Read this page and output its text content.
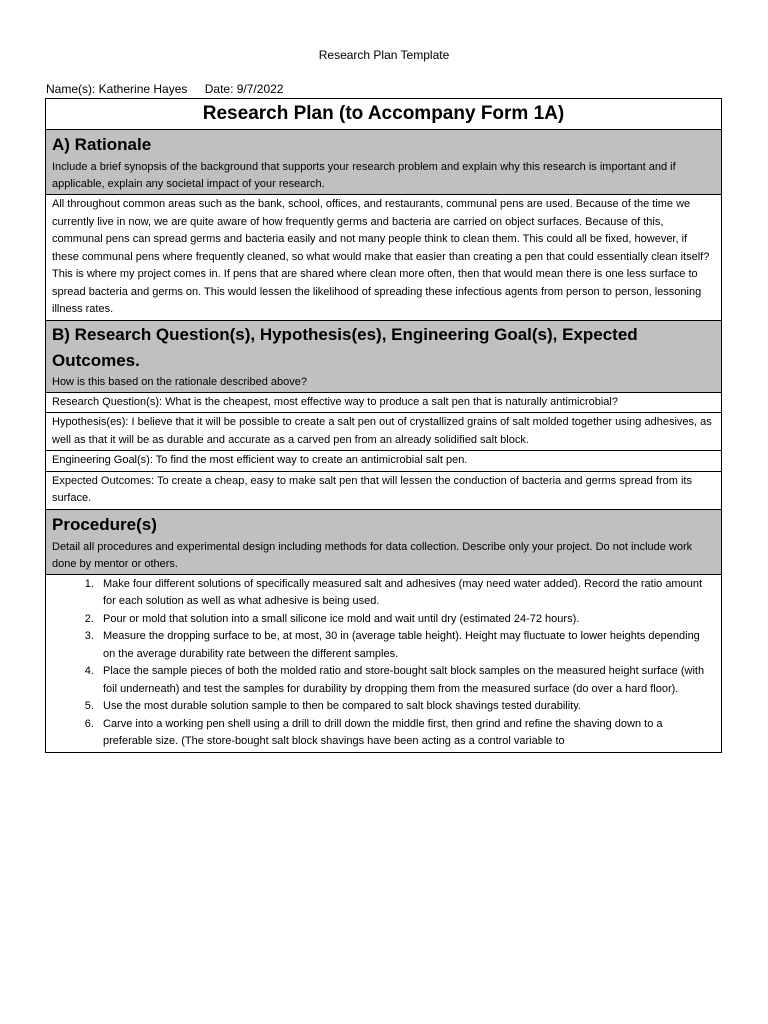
Research Plan Template
Name(s): Katherine Hayes Date: 9/7/2022
Research Plan (to Accompany Form 1A)

A) Rationale
Include a brief synopsis of the background that supports your research problem and explain why this research is important and if applicable, explain any societal impact of your research.

All throughout common areas such as the bank, school, offices, and restaurants, communal pens are used. Because of the time we currently live in now, we are quite aware of how frequently germs and bacteria are carried on object surfaces. Because of this, communal pens can spread germs and bacteria easily and not many people think to clean them. This could all be fixed, however, if these communal pens where frequently cleaned, so what would make that easier than creating a pen that could essentially clean itself? This is where my project comes in. If pens that are shared where clean more often, then that would mean there is one less surface to spread bacteria and germs on. This would lessen the likelihood of spreading these infectious agents from person to person, lessoning illness rates.

B) Research Question(s), Hypothesis(es), Engineering Goal(s), Expected Outcomes.
How is this based on the rationale described above?

Research Question(s): What is the cheapest, most effective way to produce a salt pen that is naturally antimicrobial?
Hypothesis(es): I believe that it will be possible to create a salt pen out of crystallized grains of salt molded together using adhesives, as well as that it will be as durable and accurate as a carved pen from an already solidified salt block.
Engineering Goal(s): To find the most efficient way to create an antimicrobial salt pen.
Expected Outcomes: To create a cheap, easy to make salt pen that will lessen the conduction of bacteria and germs spread from its surface.

Procedure(s)
Detail all procedures and experimental design including methods for data collection. Describe only your project. Do not include work done by mentor or others.

1. Make four different solutions of specifically measured salt and adhesives (may need water added). Record the ratio amount for each solution as well as what adhesive is being used.
2. Pour or mold that solution into a small silicone ice mold and wait until dry (estimated 24-72 hours).
3. Measure the dropping surface to be, at most, 30 in (average table height). Height may fluctuate to lower heights depending on the average durability rate between the different samples.
4. Place the sample pieces of both the molded ratio and store-bought salt block samples on the measured height surface (with foil underneath) and test the samples for durability by dropping them from the measured surface (do over a hard floor).
5. Use the most durable solution sample to then be compared to salt block shavings tested durability.
6. Carve into a working pen shell using a drill to drill down the middle first, then grind and refine the shaving down to a preferable size. (The store-bought salt block shavings have been acting as a control variable to
